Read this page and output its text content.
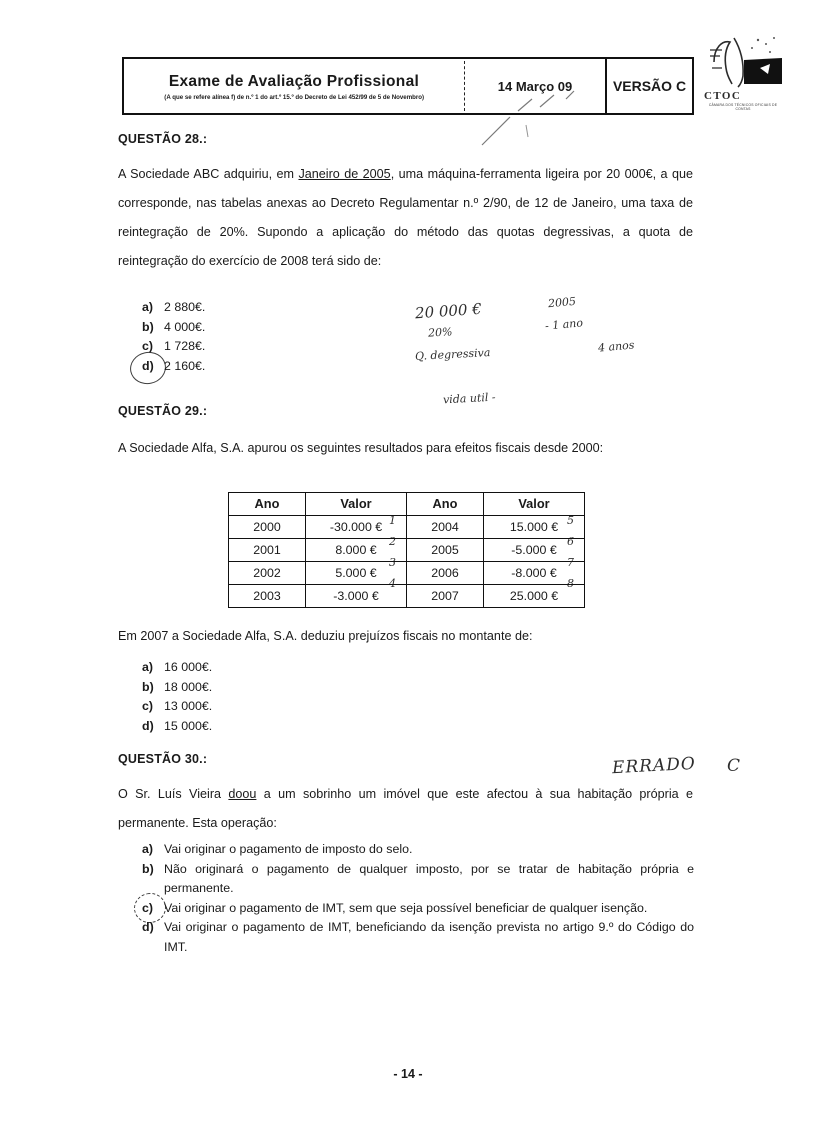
Exame de Avaliação Profissional
(A que se refere alínea f) de n.º 1 do art.º 15.º do Decreto de Lei 452/99 de 5 de Novembro)
14 Março 09	VERSÃO C
CTOC
CÂMARA DOS TÉCNICOS OFICIAIS DE CONTAS
QUESTÃO 28.:
A Sociedade ABC adquiriu, em Janeiro de 2005, uma máquina-ferramenta ligeira por 20 000€, a que corresponde, nas tabelas anexas ao Decreto Regulamentar n.º 2/90, de 12 de Janeiro, uma taxa de reintegração de 20%. Supondo a aplicação do método das quotas degressivas, a quota de reintegração do exercício de 2008 terá sido de:
a) 2 880€.
b) 4 000€.
c) 1 728€.
d) 2 160€.
20 000 €
20%
Q. degressiva
vida util -
2005
- 1 ano
4 anos
QUESTÃO 29.:
A Sociedade Alfa, S.A. apurou os seguintes resultados para efeitos fiscais desde 2000:
Ano	Valor	Ano	Valor
2000	-30.000 €	2004	15.000 €
2001	8.000 €	2005	-5.000 €
2002	5.000 €	2006	-8.000 €
2003	-3.000 €	2007	25.000 €
1
2
3
4
5
6
7
8
Em 2007 a Sociedade Alfa, S.A. deduziu prejuízos fiscais no montante de:
a) 16 000€.
b) 18 000€.
c) 13 000€.
d) 15 000€.
QUESTÃO 30.:	ERRADO C
O Sr. Luís Vieira doou a um sobrinho um imóvel que este afectou à sua habitação própria e permanente. Esta operação:
a) Vai originar o pagamento de imposto do selo.
b) Não originará o pagamento de qualquer imposto, por se tratar de habitação própria e permanente.
c) Vai originar o pagamento de IMT, sem que seja possível beneficiar de qualquer isenção.
d) Vai originar o pagamento de IMT, beneficiando da isenção prevista no artigo 9.º do Código do IMT.
- 14 -
